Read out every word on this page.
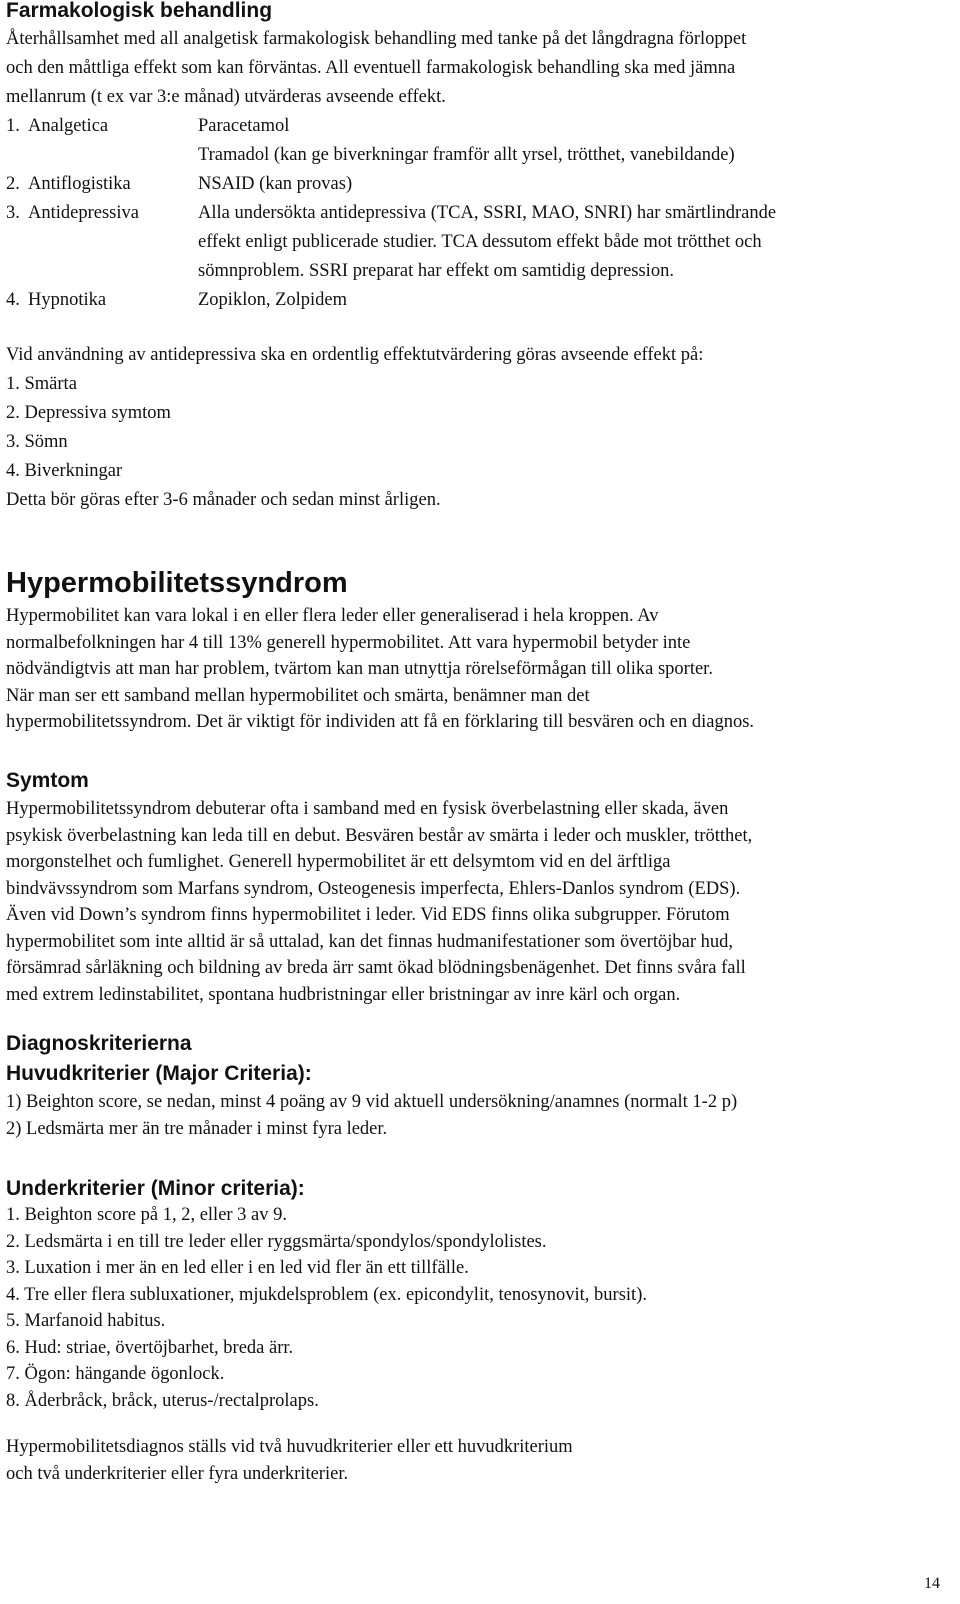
Farmakologisk behandling
Återhållsamhet med all analgetisk farmakologisk behandling med tanke på det långdragna förloppet
och den måttliga effekt som kan förväntas. All eventuell farmakologisk behandling ska med jämna
mellanrum (t ex var 3:e månad) utvärderas avseende effekt.
1. Analgetica	Paracetamol
Tramadol (kan ge biverkningar framför allt yrsel, trötthet, vanebildande)
2. Antiflogistika	NSAID (kan provas)
3. Antidepressiva	Alla undersökta antidepressiva (TCA, SSRI, MAO, SNRI) har smärtlindrande
effekt enligt publicerade studier. TCA dessutom effekt både mot trötthet och
sömnproblem. SSRI preparat har effekt om samtidig depression.
4. Hypnotika	Zopiklon, Zolpidem
Vid användning av antidepressiva ska en ordentlig effektutvärdering göras avseende effekt på:
1. Smärta
2. Depressiva symtom
3. Sömn
4. Biverkningar
Detta bör göras efter 3-6 månader och sedan minst årligen.
Hypermobilitetssyndrom
Hypermobilitet kan vara lokal i en eller flera leder eller generaliserad i hela kroppen. Av
normalbefolkningen har 4 till 13% generell hypermobilitet. Att vara hypermobil betyder inte
nödvändigtvis att man har problem, tvärtom kan man utnyttja rörelseförmågan till olika sporter.
När man ser ett samband mellan hypermobilitet och smärta, benämner man det
hypermobilitetssyndrom. Det är viktigt för individen att få en förklaring till besvären och en diagnos.
Symtom
Hypermobilitetssyndrom debuterar ofta i samband med en fysisk överbelastning eller skada, även
psykisk överbelastning kan leda till en debut. Besvären består av smärta i leder och muskler, trötthet,
morgonstelhet och fumlighet. Generell hypermobilitet är ett delsymtom vid en del ärftliga
bindvävssyndrom som Marfans syndrom, Osteogenesis imperfecta, Ehlers-Danlos syndrom (EDS).
Även vid Down’s syndrom finns hypermobilitet i leder. Vid EDS finns olika subgrupper. Förutom
hypermobilitet som inte alltid är så uttalad, kan det finnas hudmanifestationer som övertöjbar hud,
försämrad sårläkning och bildning av breda ärr samt ökad blödningsbenägenhet. Det finns svåra fall
med extrem ledinstabilitet, spontana hudbristningar eller bristningar av inre kärl och organ.
Diagnoskriterierna
Huvudkriterier (Major Criteria):
1) Beighton score, se nedan, minst 4 poäng av 9 vid aktuell undersökning/anamnes (normalt 1-2 p)
2) Ledsmärta mer än tre månader i minst fyra leder.
Underkriterier (Minor criteria):
1. Beighton score på 1, 2, eller 3 av 9.
2. Ledsmärta i en till tre leder eller ryggsmärta/spondylos/spondylolistes.
3. Luxation i mer än en led eller i en led vid fler än ett tillfälle.
4. Tre eller flera subluxationer, mjukdelsproblem (ex. epicondylit, tenosynovit, bursit).
5. Marfanoid habitus.
6. Hud: striae, övertöjbarhet, breda ärr.
7. Ögon: hängande ögonlock.
8. Åderbråck, bråck, uterus-/rectalprolaps.
Hypermobilitetsdiagnos ställs vid två huvudkriterier eller ett huvudkriterium
och två underkriterier eller fyra underkriterier.
14
